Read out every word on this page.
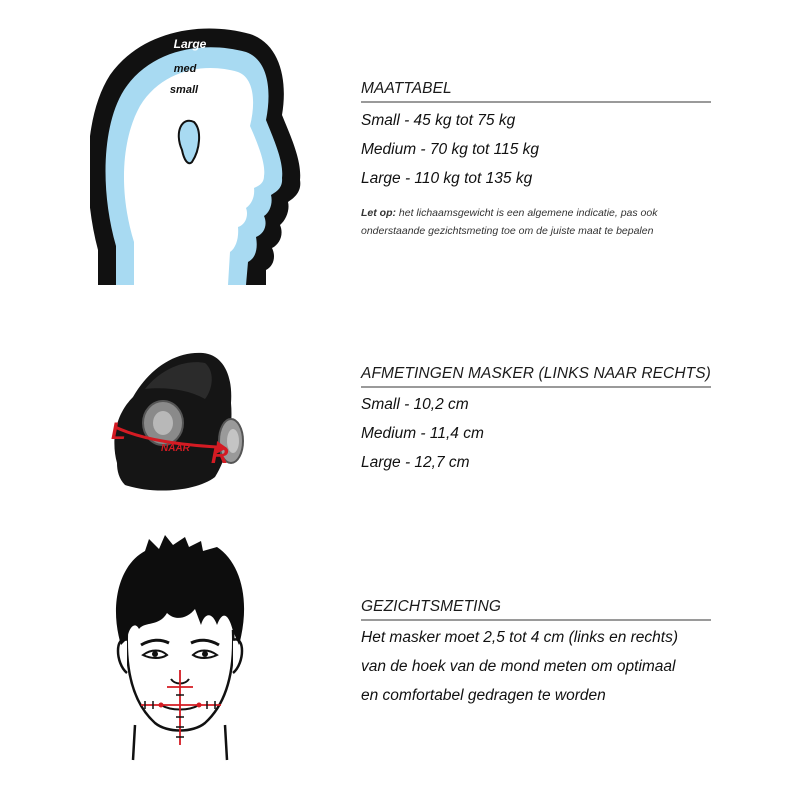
Large
med
small	MAATTABEL
Small - 45 kg tot 75 kg
Medium - 70 kg tot 115 kg
Large - 110 kg tot 135 kg
Let op: het lichaamsgewicht is een algemene indicatie, pas ook
onderstaande gezichtsmeting toe om de juiste maat te bepalen
L
R
NAAR
AFMETINGEN MASKER (LINKS NAAR RECHTS)
Small - 10,2 cm
Medium - 11,4 cm
Large - 12,7 cm
GEZICHTSMETING
Het masker moet 2,5 tot 4 cm (links en rechts)
van de hoek van de mond meten om optimaal
en comfortabel gedragen te worden
